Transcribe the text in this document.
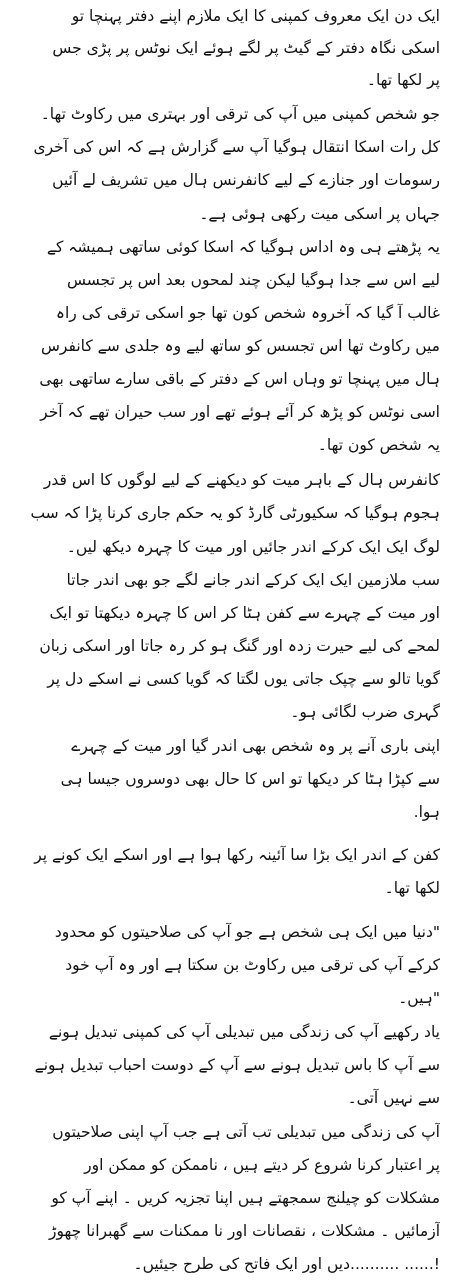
ایک دن ایک معروف کمپنی کا ایک ملازم اپنے دفتر پہنچا تو
اسکی نگاہ دفتر کے گیٹ پر لگے ہوئے ایک نوٹس پر پڑی جس
پر لکھا تھا۔
جو شخص کمپنی میں آپ کی ترقی اور بہتری میں رکاوٹ تھا۔
کل رات اسکا انتقال ہوگیا آپ سے گزارش ہے کہ اس کی آخری
رسومات اور جنازے کے لیے کانفرنس ہال میں تشریف لے آئیں
جہاں پر اسکی میت رکھی ہوئی ہے۔
یہ پڑھتے ہی وہ اداس ہوگیا کہ اسکا کوئی ساتھی ہمیشہ کے
لیے اس سے جدا ہوگیا لیکن چند لمحوں بعد اس پر تجسس
غالب آ گیا کہ آخروہ شخص کون تھا جو اسکی ترقی کی راہ
میں رکاوٹ تھا اس تجسس کو ساتھ لیے وہ جلدی سے کانفرس
ہال میں پہنچا تو وہاں اس کے دفتر کے باقی سارے ساتھی بھی
اسی نوٹس کو پڑھ کر آئے ہوئے تھے اور سب حیران تھے کہ آخر
یہ شخص کون تھا۔
کانفرس ہال کے باہر میت کو دیکھنے کے لیے لوگوں کا اس قدر
ہجوم ہوگیا کہ سکیورٹی گارڈ کو یہ حکم جاری کرنا پڑا کہ سب
لوگ ایک ایک کرکے اندر جائیں اور میت کا چہرہ دیکھ لیں۔
سب ملازمین ایک ایک کرکے اندر جانے لگے جو بھی اندر جاتا
اور میت کے چہرے سے کفن ہٹا کر اس کا چہرہ دیکھتا تو ایک
لمحے کی لیے حیرت زدہ اور گنگ ہو کر رہ جاتا اور اسکی زبان
گویا تالو سے چپک جاتی یوں لگتا کہ گویا کسی نے اسکے دل پر
گہری ضرب لگائی ہو۔
اپنی باری آنے پر وہ شخص بھی اندر گیا اور میت کے چہرے
سے کپڑا ہٹا کر دیکھا تو اس کا حال بھی دوسروں جیسا ہی
ہوا.
کفن کے اندر ایک بڑا سا آئینہ رکھا ہوا ہے اور اسکے ایک کونے پر
لکھا تھا۔
"دنیا میں ایک ہی شخص ہے جو آپ کی صلاحیتوں کو محدود
کرکے آپ کی ترقی میں رکاوٹ بن سکتا ہے اور وہ آپ خود
"ہیں۔
یاد رکھیے آپ کی زندگی میں تبدیلی آپ کی کمپنی تبدیل ہونے
سے آپ کا باس تبدیل ہونے سے آپ کے دوست احباب تبدیل ہونے
سے نہیں آتی۔
آپ کی زندگی میں تبدیلی تب آتی ہے جب آپ اپنی صلاحیتوں
پر اعتبار کرنا شروع کر دیتے ہیں ، ناممکن کو ممکن اور
مشکلات کو چیلنج سمجھتے ہیں اپنا تجزیہ کریں ۔ اپنے آپ کو
آزمائیں ۔ مشکلات ، نقصانات اور نا ممکنات سے گھبرانا چھوڑ
!...... ..........دیں اور ایک فاتح کی طرح جیئیں۔
